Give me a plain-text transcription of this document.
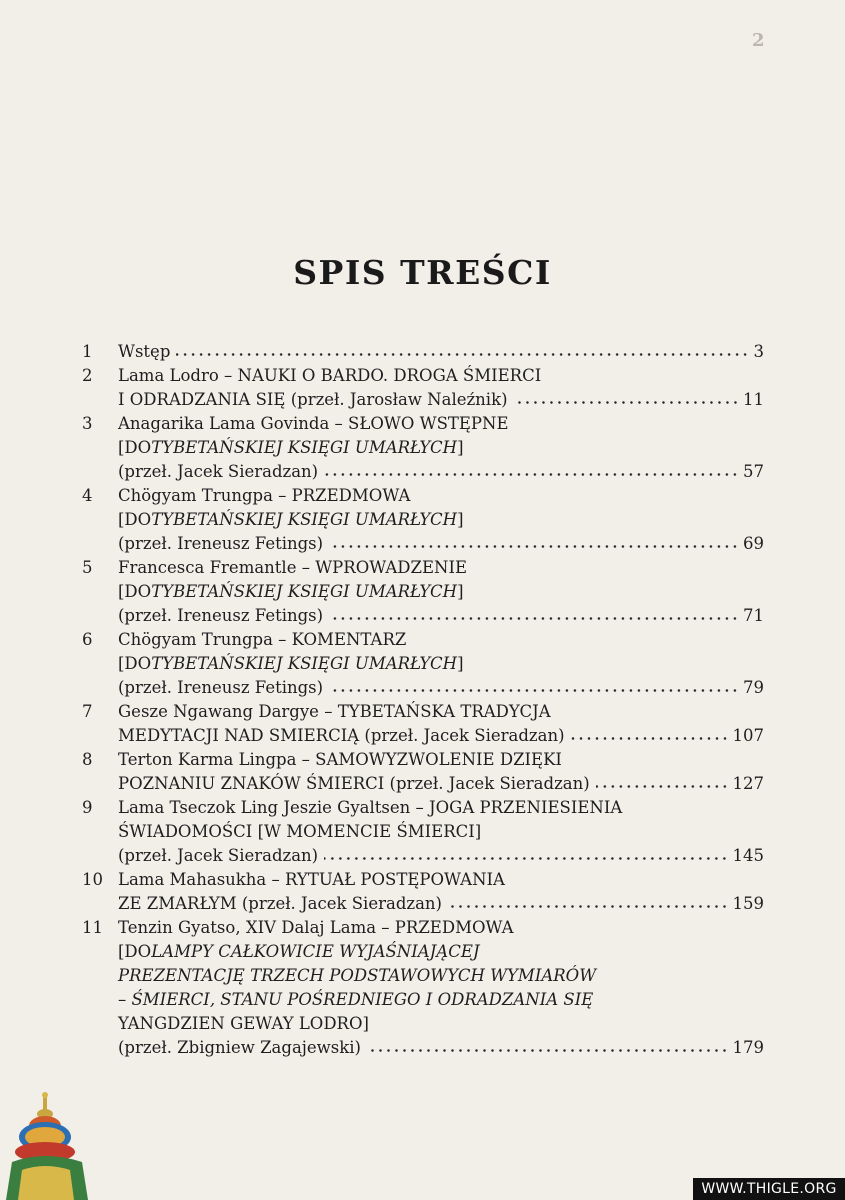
2
SPIS TREŚCI
1	Wstęp	3
2	Lama Lodro – NAUKI O BARDO. DROGA ŚMIERCI
I ODRADZANIA SIĘ (przeł. Jarosław Naleźnik)	11
3	Anagarika Lama Govinda – SŁOWO WSTĘPNE
[DO TYBETAŃSKIEJ KSIĘGI UMARŁYCH ]
(przeł. Jacek Sieradzan)	57
4	Chögyam Trungpa – PRZEDMOWA
[DO TYBETAŃSKIEJ KSIĘGI UMARŁYCH ]
(przeł. Ireneusz Fetings)	69
5	Francesca Fremantle – WPROWADZENIE
[DO TYBETAŃSKIEJ KSIĘGI UMARŁYCH ]
(przeł. Ireneusz Fetings)	71
6	Chögyam Trungpa – KOMENTARZ
[DO TYBETAŃSKIEJ KSIĘGI UMARŁYCH ]
(przeł. Ireneusz Fetings)	79
7	Gesze Ngawang Dargye – TYBETAŃSKA TRADYCJA
MEDYTACJI NAD SMIERCIĄ (przeł. Jacek Sieradzan)	107
8	Terton Karma Lingpa – SAMOWYZWOLENIE DZIĘKI
POZNANIU ZNAKÓW ŚMIERCI (przeł. Jacek Sieradzan)	127
9	Lama Tseczok Ling Jeszie Gyaltsen – JOGA PRZENIESIENIA
ŚWIADOMOŚCI [W MOMENCIE ŚMIERCI]
(przeł. Jacek Sieradzan)	145
10 Lama Mahasukha – RYTUAŁ POSTĘPOWANIA
ZE ZMARŁYM (przeł. Jacek Sieradzan)	159
11 Tenzin Gyatso, XIV Dalaj Lama – PRZEDMOWA
[DO LAMPY CAŁKOWICIE WYJAŚNIAJĄCEJ
PREZENTACJĘ TRZECH PODSTAWOWYCH WYMIARÓW
– ŚMIERCI, STANU POŚREDNIEGO I ODRADZANIA SIĘ
YANGDZIEN GEWAY LODRO]
(przeł. Zbigniew Zagajewski)	179
WWW.THIGLE.ORG
